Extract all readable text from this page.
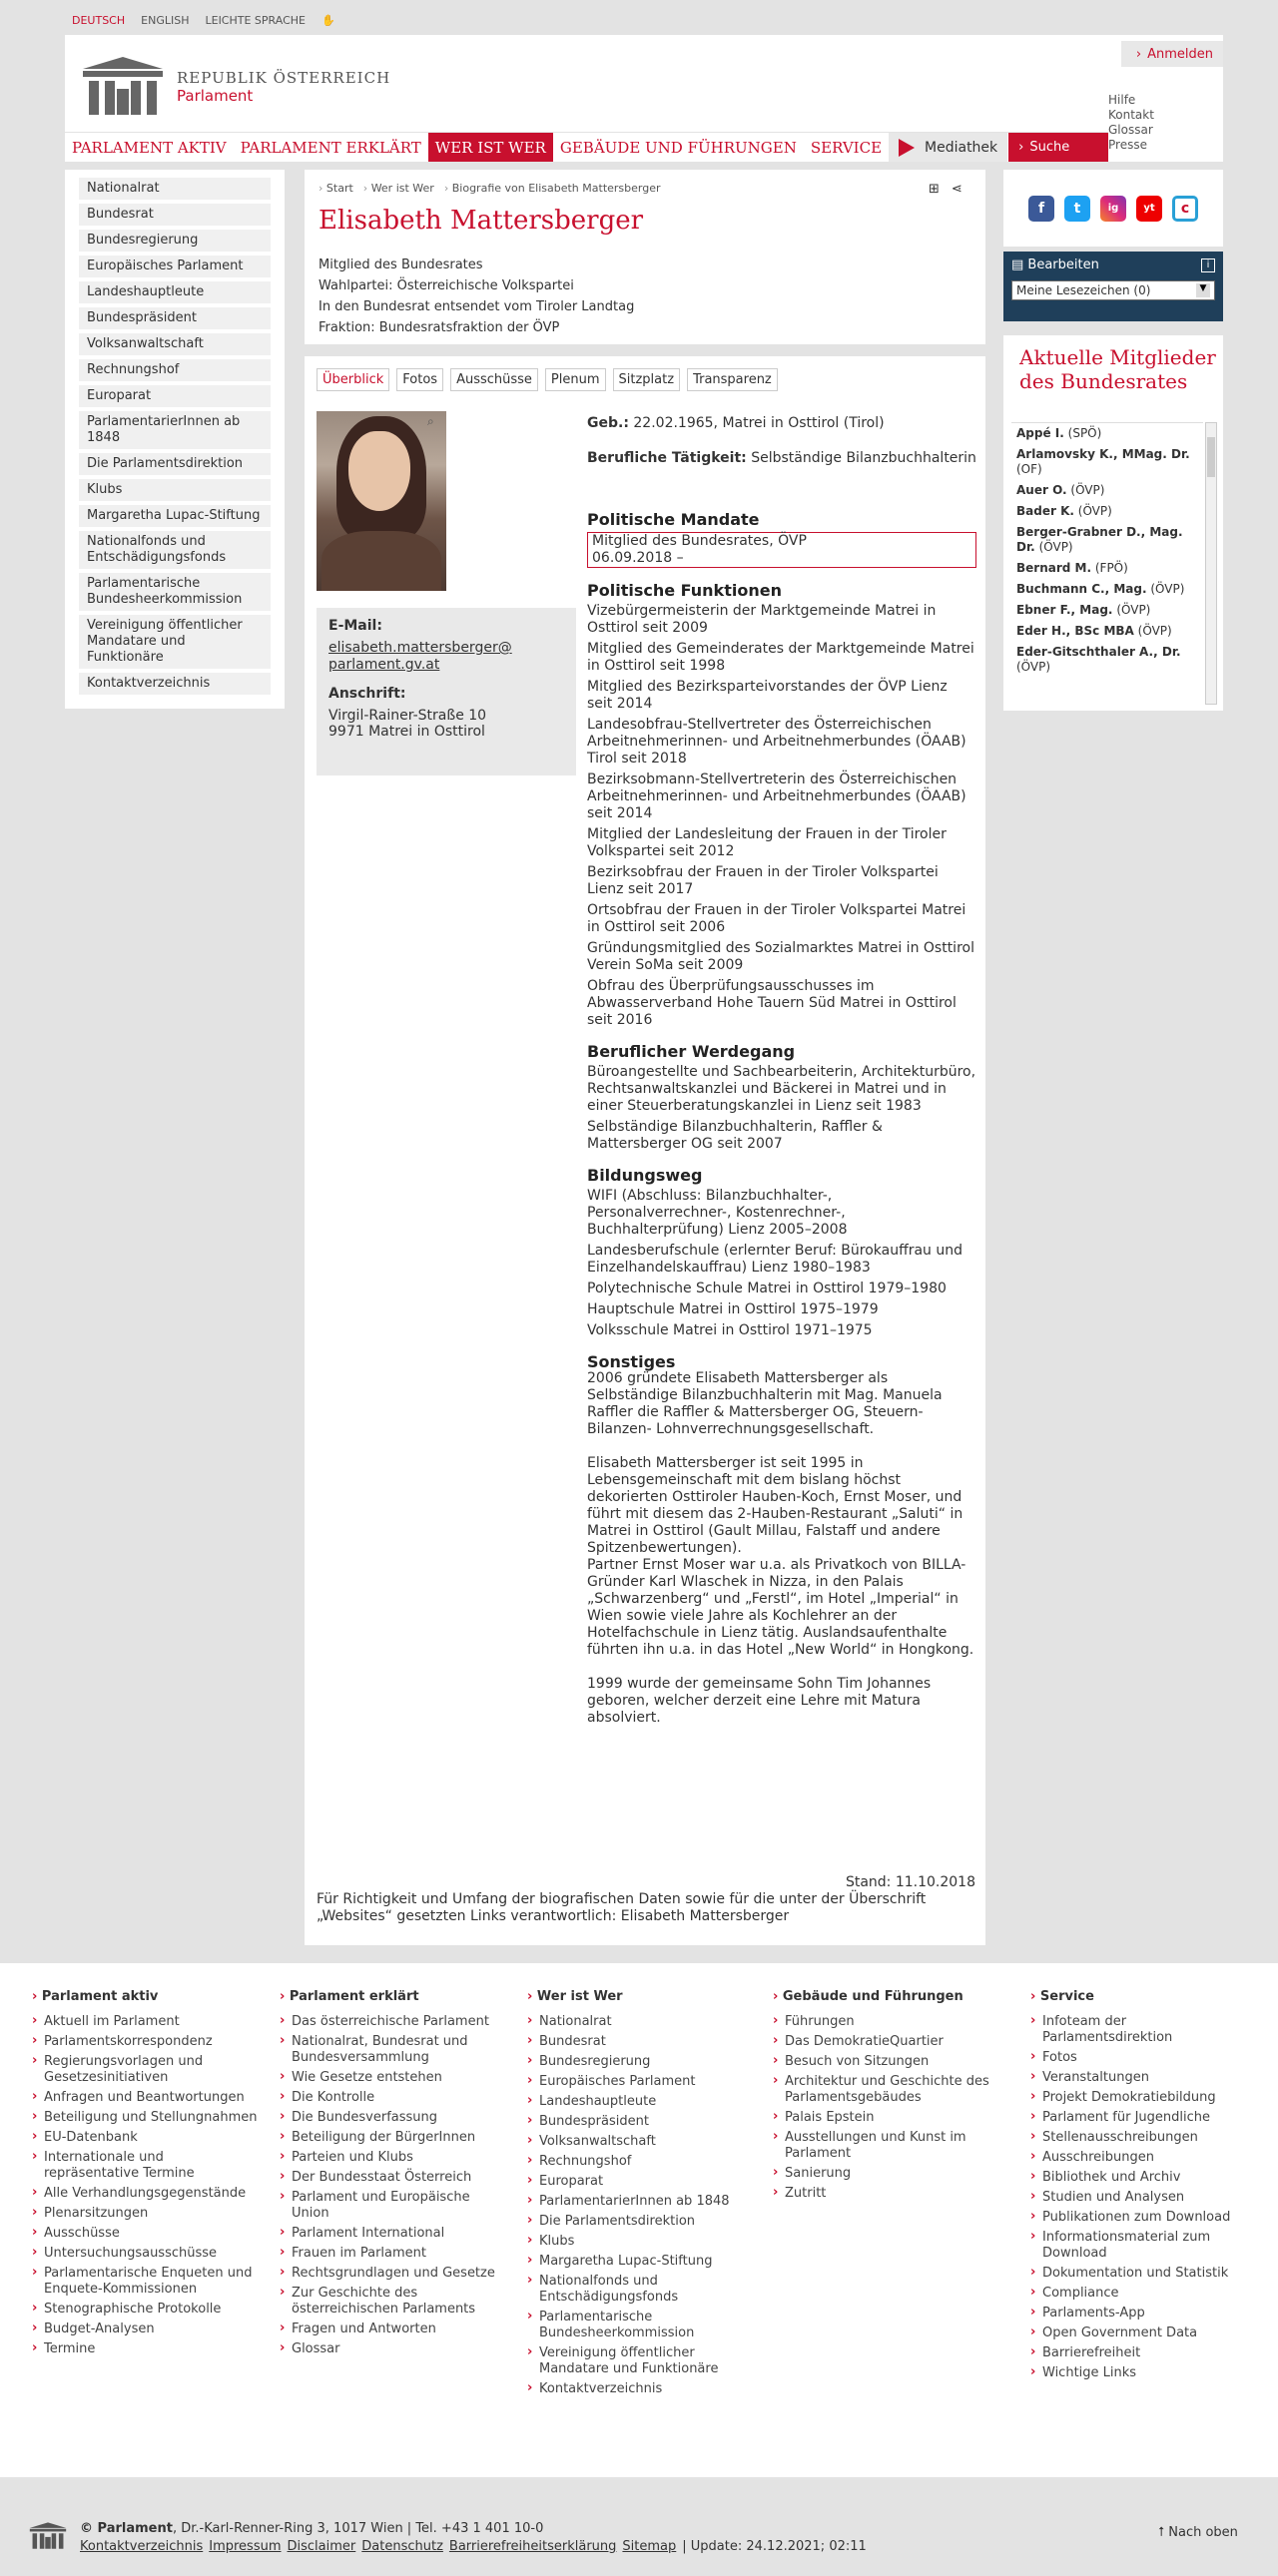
DEUTSCH ENGLISH LEICHTE SPRACHE ✋
REPUBLIK ÖSTERREICH
Parlament
› Anmelden
Hilfe
Kontakt
Glossar
Presse
PARLAMENT AKTIV PARLAMENT ERKLÄRT WER IST WER GEBÄUDE UND FÜHRUNGEN SERVICE	Mediathek › Suche
Nationalrat
Bundesrat
Bundesregierung
Europäisches Parlament
Landeshauptleute
Bundespräsident
Volksanwaltschaft
Rechnungshof
Europarat
ParlamentarierInnen ab 1848
Die Parlamentsdirektion
Klubs
Margaretha Lupac-Stiftung
Nationalfonds und Entschädigungsfonds
Parlamentarische Bundesheerkommission
Vereinigung öffentlicher Mandatare und Funktionäre
Kontaktverzeichnis
› Start › Wer ist Wer › Biografie von Elisabeth Mattersberger	⊞ ⋖
Elisabeth Mattersberger
Mitglied des Bundesrates
Wahlpartei: Österreichische Volkspartei
In den Bundesrat entsendet vom Tiroler Landtag
Fraktion: Bundesratsfraktion der ÖVP
Überblick	Fotos	Ausschüsse	Plenum	Sitzplatz	Transparenz
⌕
E-Mail:
elisabeth.mattersberger@parlament.gv.at
Anschrift:
Virgil-Rainer-Straße 10
9971 Matrei in Osttirol
Geb.: 22.02.1965, Matrei in Osttirol (Tirol)
Berufliche Tätigkeit: Selbständige Bilanzbuchhalterin
Politische Mandate
Mitglied des Bundesrates, ÖVP
06.09.2018 –
Politische Funktionen
Vizebürgermeisterin der Marktgemeinde Matrei in Osttirol seit 2009
Mitglied des Gemeinderates der Marktgemeinde Matrei in Osttirol seit 1998
Mitglied des Bezirksparteivorstandes der ÖVP Lienz seit 2014
Landesobfrau-Stellvertreter des Österreichischen Arbeitnehmerinnen- und Arbeitnehmerbundes (ÖAAB) Tirol seit 2018
Bezirksobmann-Stellvertreterin des Österreichischen Arbeitnehmerinnen- und Arbeitnehmerbundes (ÖAAB) seit 2014
Mitglied der Landesleitung der Frauen in der Tiroler Volkspartei seit 2012
Bezirksobfrau der Frauen in der Tiroler Volkspartei Lienz seit 2017
Ortsobfrau der Frauen in der Tiroler Volkspartei Matrei in Osttirol seit 2006
Gründungsmitglied des Sozialmarktes Matrei in Osttirol Verein SoMa seit 2009
Obfrau des Überprüfungsausschusses im Abwasserverband Hohe Tauern Süd Matrei in Osttirol seit 2016
Beruflicher Werdegang
Büroangestellte und Sachbearbeiterin, Architekturbüro, Rechtsanwaltskanzlei und Bäckerei in Matrei und in einer Steuerberatungskanzlei in Lienz seit 1983
Selbständige Bilanzbuchhalterin, Raffler & Mattersberger OG seit 2007
Bildungsweg
WIFI (Abschluss: Bilanzbuchhalter-, Personalverrechner-, Kostenrechner-, Buchhalterprüfung) Lienz 2005–2008
Landesberufschule (erlernter Beruf: Bürokauffrau und Einzelhandelskauffrau) Lienz 1980–1983
Polytechnische Schule Matrei in Osttirol 1979–1980
Hauptschule Matrei in Osttirol 1975–1979
Volksschule Matrei in Osttirol 1971–1975
Sonstiges
2006 gründete Elisabeth Mattersberger als Selbständige Bilanzbuchhalterin mit Mag. Manuela Raffler die Raffler & Mattersberger OG, Steuern-Bilanzen- Lohnverrechnungsgesellschaft.
Elisabeth Mattersberger ist seit 1995 in Lebensgemeinschaft mit dem bislang höchst dekorierten Osttiroler Hauben-Koch, Ernst Moser, und führt mit diesem das 2-Hauben-Restaurant „Saluti“ in Matrei in Osttirol (Gault Millau, Falstaff und andere Spitzenbewertungen).
Partner Ernst Moser war u.a. als Privatkoch von BILLA-Gründer Karl Wlaschek in Nizza, in den Palais „Schwarzenberg“ und „Ferstl“, im Hotel „Imperial“ in Wien sowie viele Jahre als Kochlehrer an der Hotelfachschule in Lienz tätig. Auslandsaufenthalte führten ihn u.a. in das Hotel „New World“ in Hongkong.
1999 wurde der gemeinsame Sohn Tim Johannes geboren, welcher derzeit eine Lehre mit Matura absolviert.
Stand: 11.10.2018
Für Richtigkeit und Umfang der biografischen Daten sowie für die unter der Überschrift „Websites“ gesetzten Links verantwortlich: Elisabeth Mattersberger
f	t	ig	yt	c
▤ Bearbeiten	i
Meine Lesezeichen (0)	▼
Aktuelle Mitglieder des Bundesrates
Appé I. (SPÖ)
Arlamovsky K., MMag. Dr. (OF)
Auer O. (ÖVP)
Bader K. (ÖVP)
Berger-Grabner D., Mag. Dr. (ÖVP)
Bernard M. (FPÖ)
Buchmann C., Mag. (ÖVP)
Ebner F., Mag. (ÖVP)
Eder H., BSc MBA (ÖVP)
Eder-Gitschthaler A., Dr. (ÖVP)
› Parlament aktiv
› Aktuell im Parlament
› Parlamentskorrespondenz
› Regierungsvorlagen und Gesetzesinitiativen
› Anfragen und Beantwortungen
› Beteiligung und Stellungnahmen
› EU-Datenbank
› Internationale und repräsentative Termine
› Alle Verhandlungsgegenstände
› Plenarsitzungen
› Ausschüsse
› Untersuchungsausschüsse
› Parlamentarische Enqueten und Enquete-Kommissionen
› Stenographische Protokolle
› Budget-Analysen
› Termine
› Parlament erklärt
› Das österreichische Parlament
› Nationalrat, Bundesrat und Bundesversammlung
› Wie Gesetze entstehen
› Die Kontrolle
› Die Bundesverfassung
› Beteiligung der BürgerInnen
› Parteien und Klubs
› Der Bundesstaat Österreich
› Parlament und Europäische Union
› Parlament International
› Frauen im Parlament
› Rechtsgrundlagen und Gesetze
› Zur Geschichte des österreichischen Parlaments
› Fragen und Antworten
› Glossar
› Wer ist Wer
› Nationalrat
› Bundesrat
› Bundesregierung
› Europäisches Parlament
› Landeshauptleute
› Bundespräsident
› Volksanwaltschaft
› Rechnungshof
› Europarat
› ParlamentarierInnen ab 1848
› Die Parlamentsdirektion
› Klubs
› Margaretha Lupac-Stiftung
› Nationalfonds und Entschädigungsfonds
› Parlamentarische Bundesheerkommission
› Vereinigung öffentlicher Mandatare und Funktionäre
› Kontaktverzeichnis
› Gebäude und Führungen
› Führungen
› Das DemokratieQuartier
› Besuch von Sitzungen
› Architektur und Geschichte des Parlamentsgebäudes
› Palais Epstein
› Ausstellungen und Kunst im Parlament
› Sanierung
› Zutritt
› Service
› Infoteam der Parlamentsdirektion
› Fotos
› Veranstaltungen
› Projekt Demokratiebildung
› Parlament für Jugendliche
› Stellenausschreibungen
› Ausschreibungen
› Bibliothek und Archiv
› Studien und Analysen
› Publikationen zum Download
› Informationsmaterial zum Download
› Dokumentation und Statistik
› Compliance
› Parlaments-App
› Open Government Data
› Barrierefreiheit
› Wichtige Links
© Parlament, Dr.-Karl-Renner-Ring 3, 1017 Wien | Tel. +43 1 401 10-0
Kontaktverzeichnis Impressum Disclaimer Datenschutz Barrierefreiheitserklärung Sitemap | Update: 24.12.2021; 02:11
⭡ Nach oben
